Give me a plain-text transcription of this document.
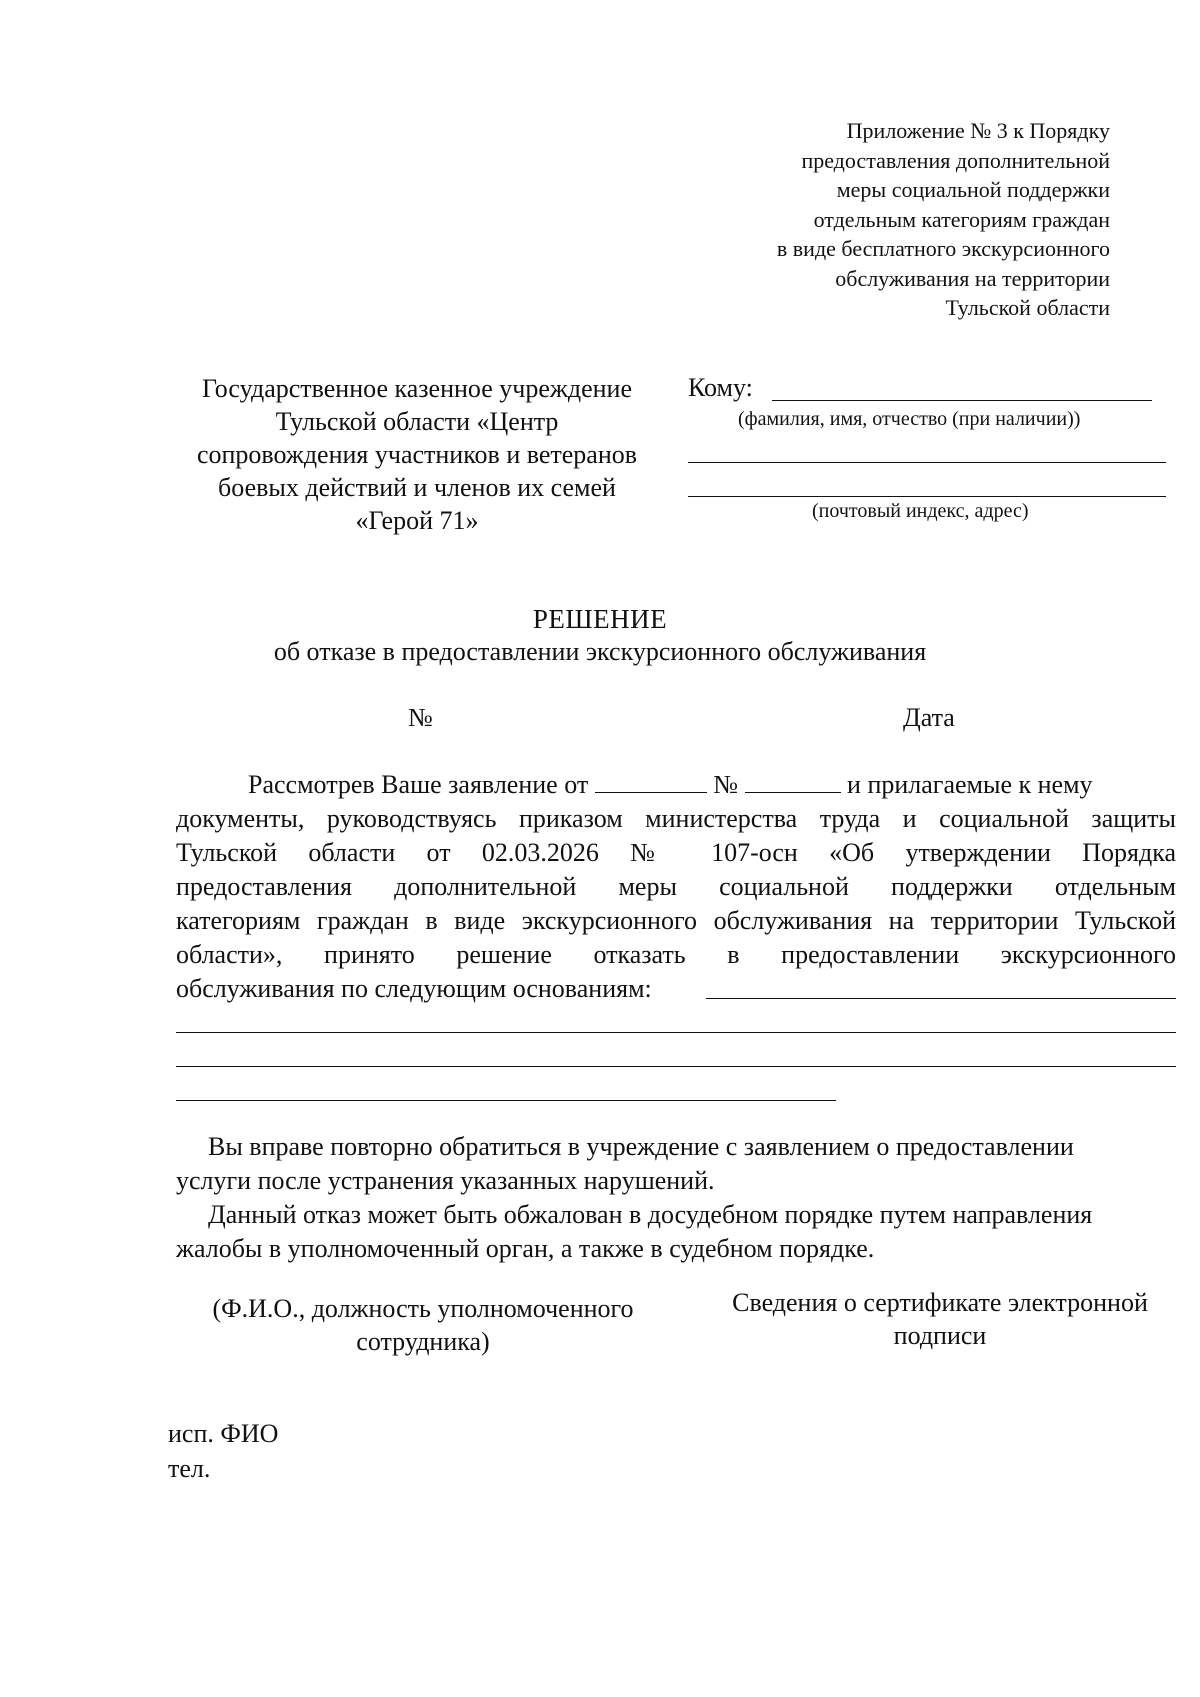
Приложение № 3 к Порядку
предоставления дополнительной
меры социальной поддержки
отдельным категориям граждан
в виде бесплатного экскурсионного
обслуживания на территории
Тульской области
Государственное казенное учреждение
Тульской области «Центр
сопровождения участников и ветеранов
боевых действий и членов их семей
«Герой 71»
Кому:
(фамилия, имя, отчество (при наличии))
(почтовый индекс, адрес)
РЕШЕНИЕ
об отказе в предоставлении экскурсионного обслуживания
№	Дата
Рассмотрев Ваше заявление от	№	и прилагаемые к нему
документы, руководствуясь приказом министерства труда и социальной защиты
Тульской области от 02.03.2026 № 107-осн «Об утверждении Порядка
предоставления дополнительной меры социальной поддержки отдельным
категориям граждан в виде экскурсионного обслуживания на территории Тульской
области», принято решение отказать в предоставлении экскурсионного
обслуживания по следующим основаниям:
Вы вправе повторно обратиться в учреждение с заявлением о предоставлении
услуги после устранения указанных нарушений.
Данный отказ может быть обжалован в досудебном порядке путем направления
жалобы в уполномоченный орган, а также в судебном порядке.
(Ф.И.О., должность уполномоченного
сотрудника)
Сведения о сертификате электронной
подписи
исп. ФИО
тел.
